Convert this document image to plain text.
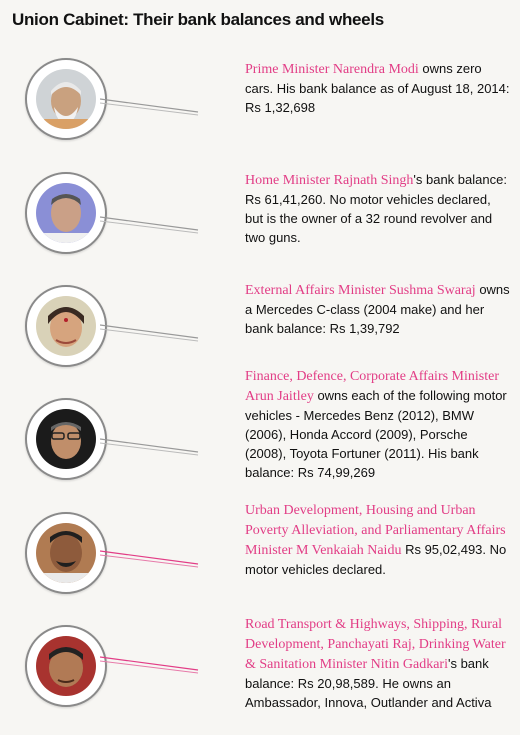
Union Cabinet: Their bank balances and wheels
Prime Minister Narendra Modi owns zero cars. His bank balance as of August 18, 2014: Rs 1,32,698
Home Minister Rajnath Singh's bank balance: Rs 61,41,260. No motor vehicles declared, but is the owner of a 32 round revolver and two guns.
External Affairs Minister Sushma Swaraj owns a Mercedes C-class (2004 make) and her bank balance: Rs 1,39,792
Finance, Defence, Corporate Affairs Minister Arun Jaitley owns each of the following motor vehicles - Mercedes Benz (2012), BMW (2006), Honda Accord (2009), Porsche (2008), Toyota Fortuner (2011). His bank balance: Rs 74,99,269
Urban Development, Housing and Urban Poverty Alleviation, and Parliamentary Affairs Minister M Venkaiah Naidu Rs 95,02,493. No motor vehicles declared.
Road Transport & Highways, Shipping, Rural Development, Panchayati Raj, Drinking Water & Sanitation Minister Nitin Gadkari's bank balance: Rs 20,98,589. He owns an Ambassador, Innova, Outlander and Activa
